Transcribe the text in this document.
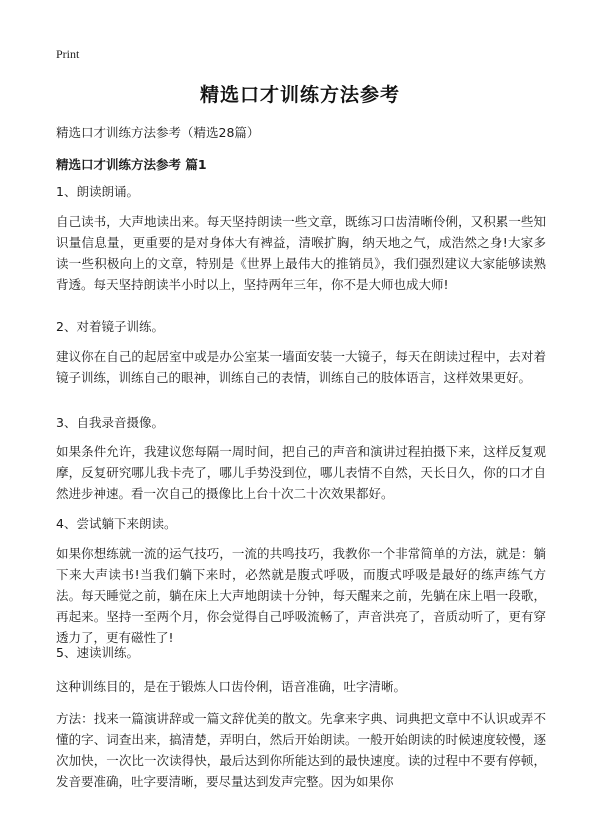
Print
精选口才训练方法参考
精选口才训练方法参考（精选28篇）
精选口才训练方法参考 篇1
1、朗读朗诵。
自己读书，大声地读出来。每天坚持朗读一些文章，既练习口齿清晰伶俐，又积累一些知识量信息量，更重要的是对身体大有裨益，清喉扩胸，纳天地之气，成浩然之身!大家多读一些积极向上的文章，特别是《世界上最伟大的推销员》，我们强烈建议大家能够读熟背透。每天坚持朗读半小时以上，坚持两年三年，你不是大师也成大师!
2、对着镜子训练。
建议你在自己的起居室中或是办公室某一墙面安装一大镜子，每天在朗读过程中，去对着镜子训练，训练自己的眼神，训练自己的表情，训练自己的肢体语言，这样效果更好。
3、自我录音摄像。
如果条件允许，我建议您每隔一周时间，把自己的声音和演讲过程拍摄下来，这样反复观摩，反复研究哪儿我卡壳了，哪儿手势没到位，哪儿表情不自然，天长日久，你的口才自然进步神速。看一次自己的摄像比上台十次二十次效果都好。
4、尝试躺下来朗读。
如果你想练就一流的运气技巧，一流的共鸣技巧，我教你一个非常简单的方法，就是：躺下来大声读书!当我们躺下来时，必然就是腹式呼吸，而腹式呼吸是最好的练声练气方法。每天睡觉之前，躺在床上大声地朗读十分钟，每天醒来之前，先躺在床上唱一段歌，再起来。坚持一至两个月，你会觉得自己呼吸流畅了，声音洪亮了，音质动听了，更有穿透力了，更有磁性了!
5、速读训练。
这种训练目的，是在于锻炼人口齿伶俐，语音准确，吐字清晰。
方法：找来一篇演讲辞或一篇文辞优美的散文。先拿来字典、词典把文章中不认识或弄不懂的字、词查出来，搞清楚，弄明白，然后开始朗读。一般开始朗读的时候速度较慢，逐次加快，一次比一次读得快，最后达到你所能达到的最快速度。读的过程中不要有停顿，发音要准确，吐字要清晰，要尽量达到发声完整。因为如果你
